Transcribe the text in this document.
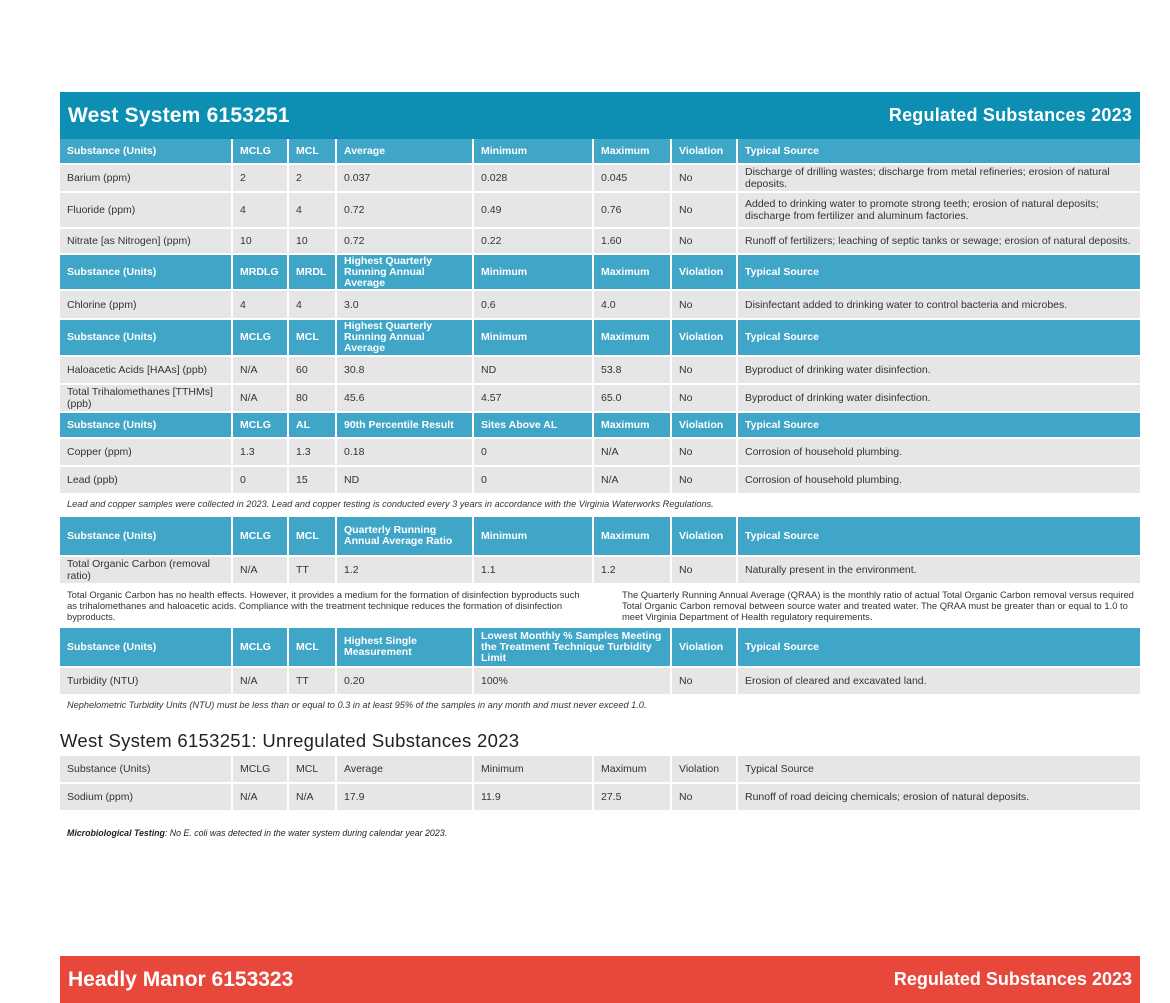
West System 6153251	Regulated Substances 2023
Substance (Units)	MCLG	MCL	Average	Minimum	Maximum	Violation	Typical Source
Barium (ppm)	2	2	0.037	0.028	0.045	No	Discharge of drilling wastes; discharge from metal refineries; erosion of natural deposits.
Fluoride (ppm)	4	4	0.72	0.49	0.76	No	Added to drinking water to promote strong teeth; erosion of natural deposits; discharge from fertilizer and aluminum factories.
Nitrate [as Nitrogen] (ppm)	10	10	0.72	0.22	1.60	No	Runoff of fertilizers; leaching of septic tanks or sewage; erosion of natural deposits.
Substance (Units)	MRDLG	MRDL	Highest Quarterly Running Annual Average	Minimum	Maximum	Violation	Typical Source
Chlorine (ppm)	4	4	3.0	0.6	4.0	No	Disinfectant added to drinking water to control bacteria and microbes.
Substance (Units)	MCLG	MCL	Highest Quarterly Running Annual Average	Minimum	Maximum	Violation	Typical Source
Haloacetic Acids [HAAs] (ppb)	N/A	60	30.8	ND	53.8	No	Byproduct of drinking water disinfection.
Total Trihalomethanes [TTHMs] (ppb)	N/A	80	45.6	4.57	65.0	No	Byproduct of drinking water disinfection.
Substance (Units)	MCLG	AL	90th Percentile Result	Sites Above AL	Maximum	Violation	Typical Source
Copper (ppm)	1.3	1.3	0.18	0	N/A	No	Corrosion of household plumbing.
Lead (ppb)	0	15	ND	0	N/A	No	Corrosion of household plumbing.

Lead and copper samples were collected in 2023. Lead and copper testing is conducted every 3 years in accordance with the Virginia Waterworks Regulations.							

Substance (Units)	MCLG	MCL	Quarterly Running Annual Average Ratio	Minimum	Maximum	Violation	Typical Source
Total Organic Carbon (removal ratio)	N/A	TT	1.2	1.1	1.2	No	Naturally present in the environment.

Total Organic Carbon has no health effects. However, it provides a medium for the formation of disinfection byproducts such as trihalomethanes and haloacetic acids. Compliance with the treatment technique reduces the formation of disinfection byproducts.
The Quarterly Running Annual Average (QRAA) is the monthly ratio of actual Total Organic Carbon removal versus required Total Organic Carbon removal between source water and treated water. The QRAA must be greater than or equal to 1.0 to meet Virginia Department of Health regulatory requirements.							

Substance (Units)	MCLG	MCL	Highest Single Measurement	Lowest Monthly % Samples Meeting the Treatment Technique Turbidity Limit		Violation	Typical Source
Turbidity (NTU)	N/A	TT	0.20	100%		No	Erosion of cleared and excavated land.

Nephelometric Turbidity Units (NTU) must be less than or equal to 0.3 in at least 95% of the samples in any month and must never exceed 1.0.							

West System 6153251: Unregulated Substances 2023							

Substance (Units)	MCLG	MCL	Average	Minimum	Maximum	Violation	Typical Source
Sodium (ppm)	N/A	N/A	17.9	11.9	27.5	No	Runoff of road deicing chemicals; erosion of natural deposits.

Microbiological Testing: No E. coli was detected in the water system during calendar year 2023.							
Headly Manor 6153323	Regulated Substances 2023
